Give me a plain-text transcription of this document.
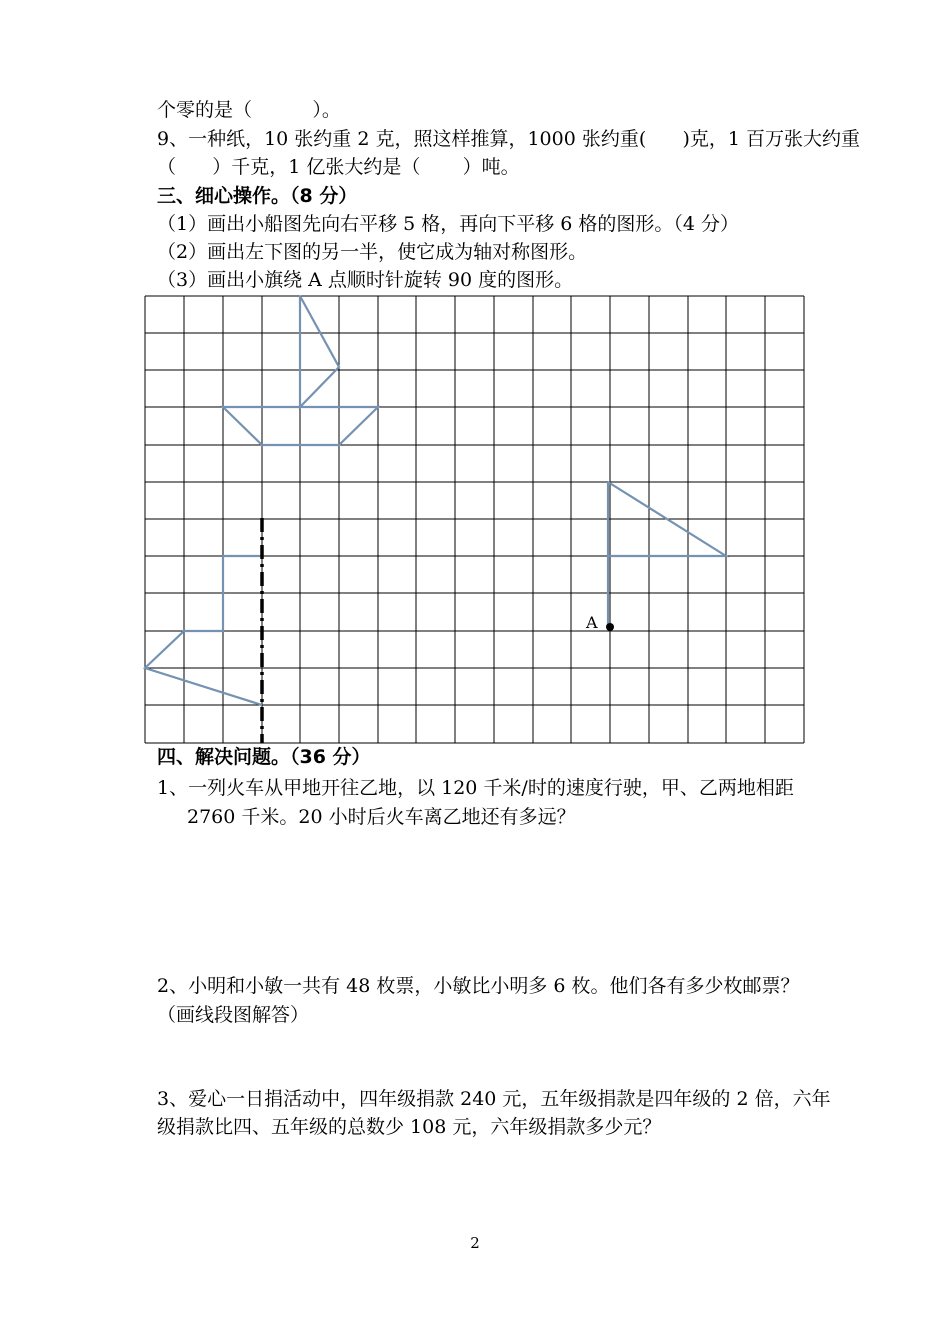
个零的是（          ）。
9、一种纸，10 张约重 2 克，照这样推算，1000 张约重(      )克，1 百万张大约重
（      ）千克，1 亿张大约是（       ）吨。
三、细心操作。（8 分）
（1）画出小船图先向右平移 5 格，再向下平移 6 格的图形。（4 分）
（2）画出左下图的另一半，使它成为轴对称图形。
（3）画出小旗绕 A 点顺时针旋转 90 度的图形。
A
四、解决问题。（36 分）
1、一列火车从甲地开往乙地，以 120 千米/时的速度行驶，甲、乙两地相距
2760 千米。20 小时后火车离乙地还有多远？
2、小明和小敏一共有 48 枚票，小敏比小明多 6 枚。他们各有多少枚邮票？
（画线段图解答）
3、爱心一日捐活动中，四年级捐款 240 元，五年级捐款是四年级的 2 倍，六年
级捐款比四、五年级的总数少 108 元，六年级捐款多少元？
2
